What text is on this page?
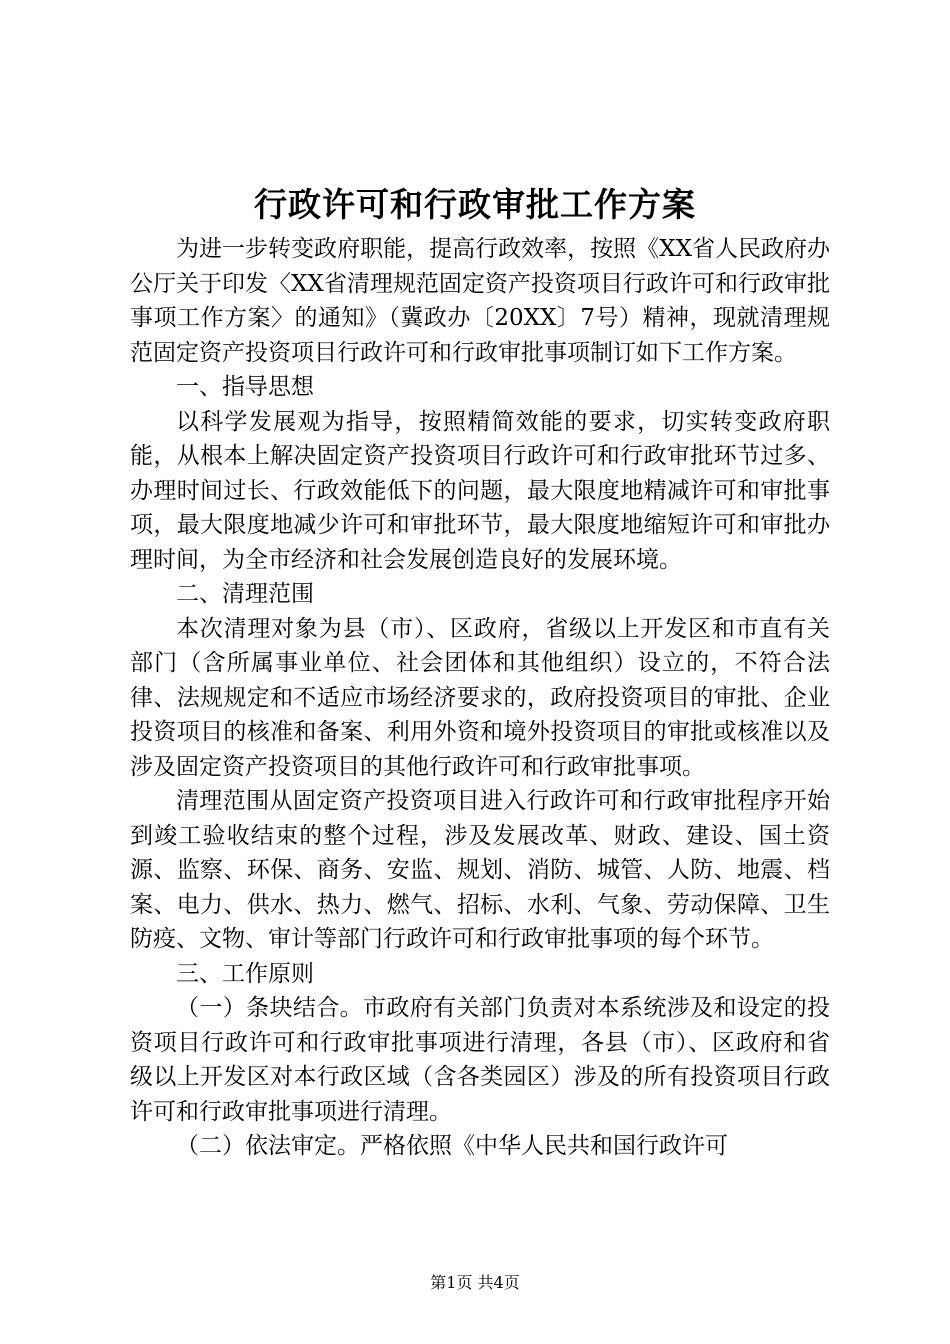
行政许可和行政审批工作方案

为进一步转变政府职能，提高行政效率，按照《XX省人民政府办公厅关于印发〈XX省清理规范固定资产投资项目行政许可和行政审批事项工作方案〉的通知》（冀政办〔20XX〕7号）精神，现就清理规范固定资产投资项目行政许可和行政审批事项制订如下工作方案。

一、指导思想

以科学发展观为指导，按照精简效能的要求，切实转变政府职能，从根本上解决固定资产投资项目行政许可和行政审批环节过多、办理时间过长、行政效能低下的问题，最大限度地精减许可和审批事项，最大限度地减少许可和审批环节，最大限度地缩短许可和审批办理时间，为全市经济和社会发展创造良好的发展环境。

二、清理范围

本次清理对象为县（市）、区政府，省级以上开发区和市直有关部门（含所属事业单位、社会团体和其他组织）设立的，不符合法律、法规规定和不适应市场经济要求的，政府投资项目的审批、企业投资项目的核准和备案、利用外资和境外投资项目的审批或核准以及涉及固定资产投资项目的其他行政许可和行政审批事项。

清理范围从固定资产投资项目进入行政许可和行政审批程序开始到竣工验收结束的整个过程，涉及发展改革、财政、建设、国土资源、监察、环保、商务、安监、规划、消防、城管、人防、地震、档案、电力、供水、热力、燃气、招标、水利、气象、劳动保障、卫生防疫、文物、审计等部门行政许可和行政审批事项的每个环节。

三、工作原则

（一）条块结合。市政府有关部门负责对本系统涉及和设定的投资项目行政许可和行政审批事项进行清理，各县（市）、区政府和省级以上开发区对本行政区域（含各类园区）涉及的所有投资项目行政许可和行政审批事项进行清理。

（二）依法审定。严格依照《中华人民共和国行政许可

第1页 共4页
